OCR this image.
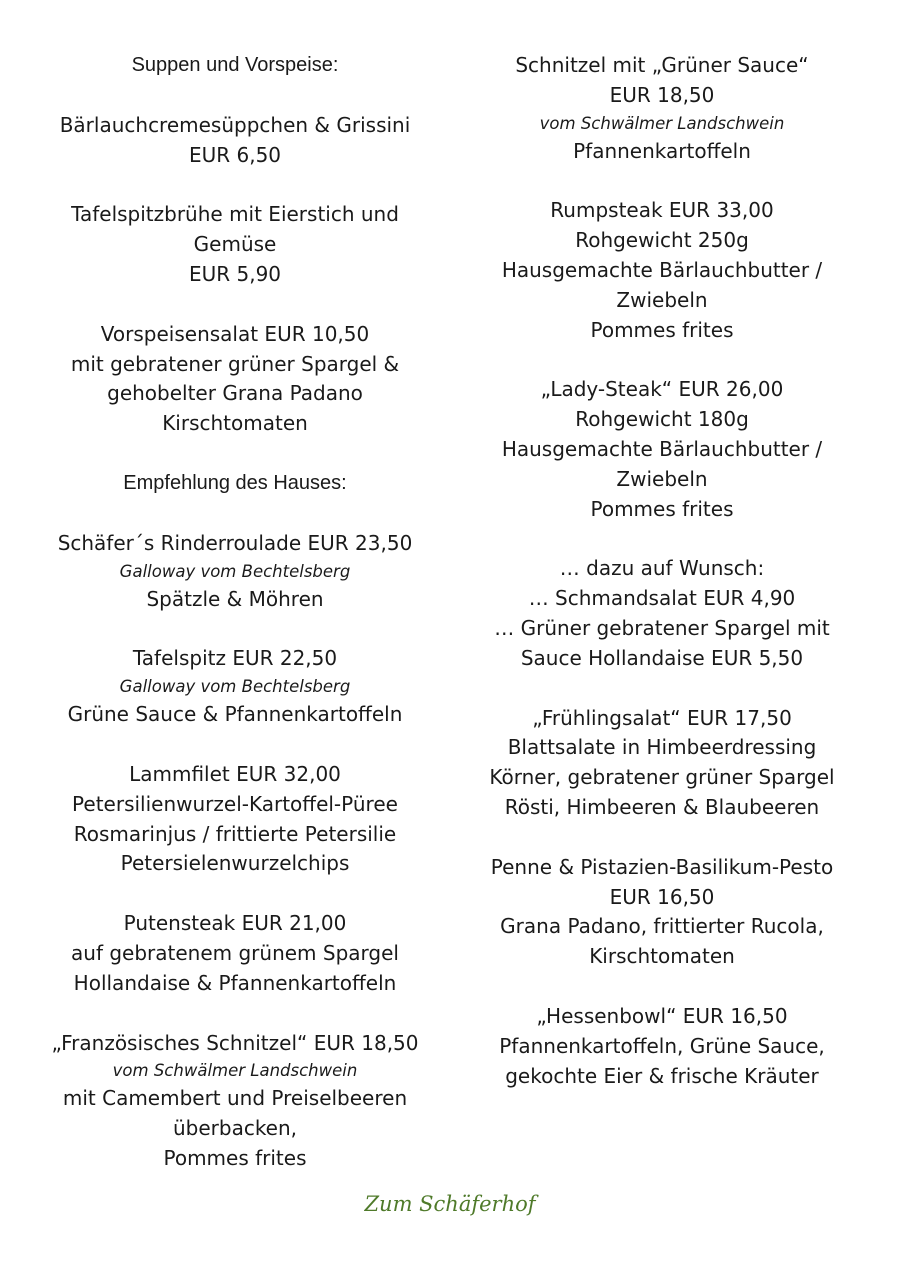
Suppen und Vorspeise:
Bärlauchcremesüppchen & Grissini
EUR 6,50
Tafelspitzbrühe mit Eierstich und
Gemüse
EUR 5,90
Vorspeisensalat EUR 10,50
mit gebratener grüner Spargel &
gehobelter Grana Padano
Kirschtomaten
Empfehlung des Hauses:
Schäfer´s Rinderroulade EUR 23,50
Galloway vom Bechtelsberg
Spätzle & Möhren
Tafelspitz EUR 22,50
Galloway vom Bechtelsberg
Grüne Sauce & Pfannenkartoffeln
Lammfilet EUR 32,00
Petersilienwurzel-Kartoffel-Püree
Rosmarinjus / frittierte Petersilie
Petersielenwurzelchips
Putensteak EUR 21,00
auf gebratenem grünem Spargel
Hollandaise & Pfannenkartoffeln
„Französisches Schnitzel“ EUR 18,50
vom Schwälmer Landschwein
mit Camembert und Preiselbeeren
überbacken,
Pommes frites
Schnitzel mit „Grüner Sauce“
EUR 18,50
vom Schwälmer Landschwein
Pfannenkartoffeln
Rumpsteak EUR 33,00
Rohgewicht 250g
Hausgemachte Bärlauchbutter /
Zwiebeln
Pommes frites
„Lady-Steak“ EUR 26,00
Rohgewicht 180g
Hausgemachte Bärlauchbutter /
Zwiebeln
Pommes frites
… dazu auf Wunsch:
… Schmandsalat EUR 4,90
… Grüner gebratener Spargel mit
Sauce Hollandaise EUR 5,50
„Frühlingsalat“ EUR 17,50
Blattsalate in Himbeerdressing
Körner, gebratener grüner Spargel
Rösti, Himbeeren & Blaubeeren
Penne & Pistazien-Basilikum-Pesto
EUR 16,50
Grana Padano, frittierter Rucola,
Kirschtomaten
„Hessenbowl“ EUR 16,50
Pfannenkartoffeln, Grüne Sauce,
gekochte Eier & frische Kräuter
Zum Schäferhof
